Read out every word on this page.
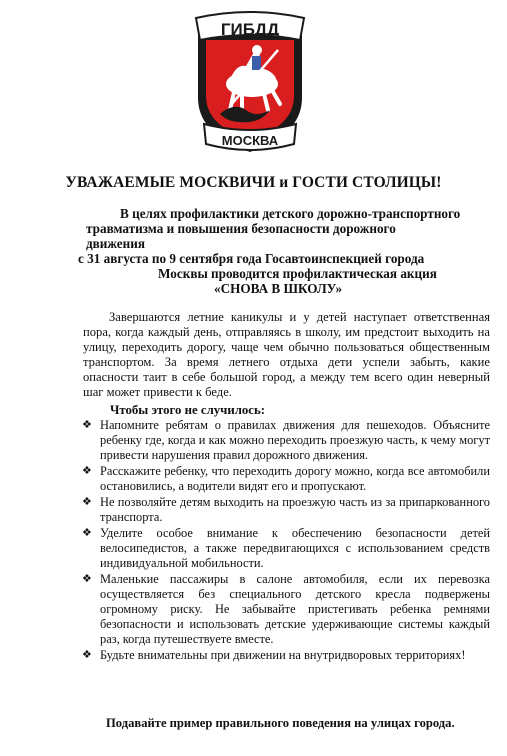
ГИБДД
МОСКВА
УВАЖАЕМЫЕ МОСКВИЧИ и ГОСТИ СТОЛИЦЫ!
В целях профилактики детского дорожно-транспортного
травматизма и повышения безопасности дорожного
движения
с 31 августа по 9 сентября года Госавтоинспекцией города
Москвы проводится профилактическая акция
«СНОВА В ШКОЛУ»

Завершаются летние каникулы и у детей наступает ответственная пора, когда каждый день, отправляясь в школу, им предстоит выходить на улицу, переходить дорогу, чаще чем обычно пользоваться общественным транспортом. За время летнего отдыха дети успели забыть, какие опасности таит в себе большой город, а между тем всего один неверный шаг может привести к беде.

Чтобы этого не случилось:
❖ Напомните ребятам о правилах движения для пешеходов. Объясните ребенку где, когда и как можно переходить проезжую часть, к чему могут привести нарушения правил дорожного движения.
❖ Расскажите ребенку, что переходить дорогу можно, когда все автомобили остановились, а водители видят его и пропускают.
❖ Не позволяйте детям выходить на проезжую часть из за припаркованного транспорта.
❖ Уделите особое внимание к обеспечению безопасности детей велосипедистов, а также передвигающихся с использованием средств индивидуальной мобильности.
❖ Маленькие пассажиры в салоне автомобиля, если их перевозка осуществляется без специального детского кресла подвержены огромному риску. Не забывайте пристегивать ребенка ремнями безопасности и использовать детские удерживающие системы каждый раз, когда путешествуете вместе.
❖ Будьте внимательны при движении на внутридворовых территориях!
Подавайте пример правильного поведения на улицах города.
